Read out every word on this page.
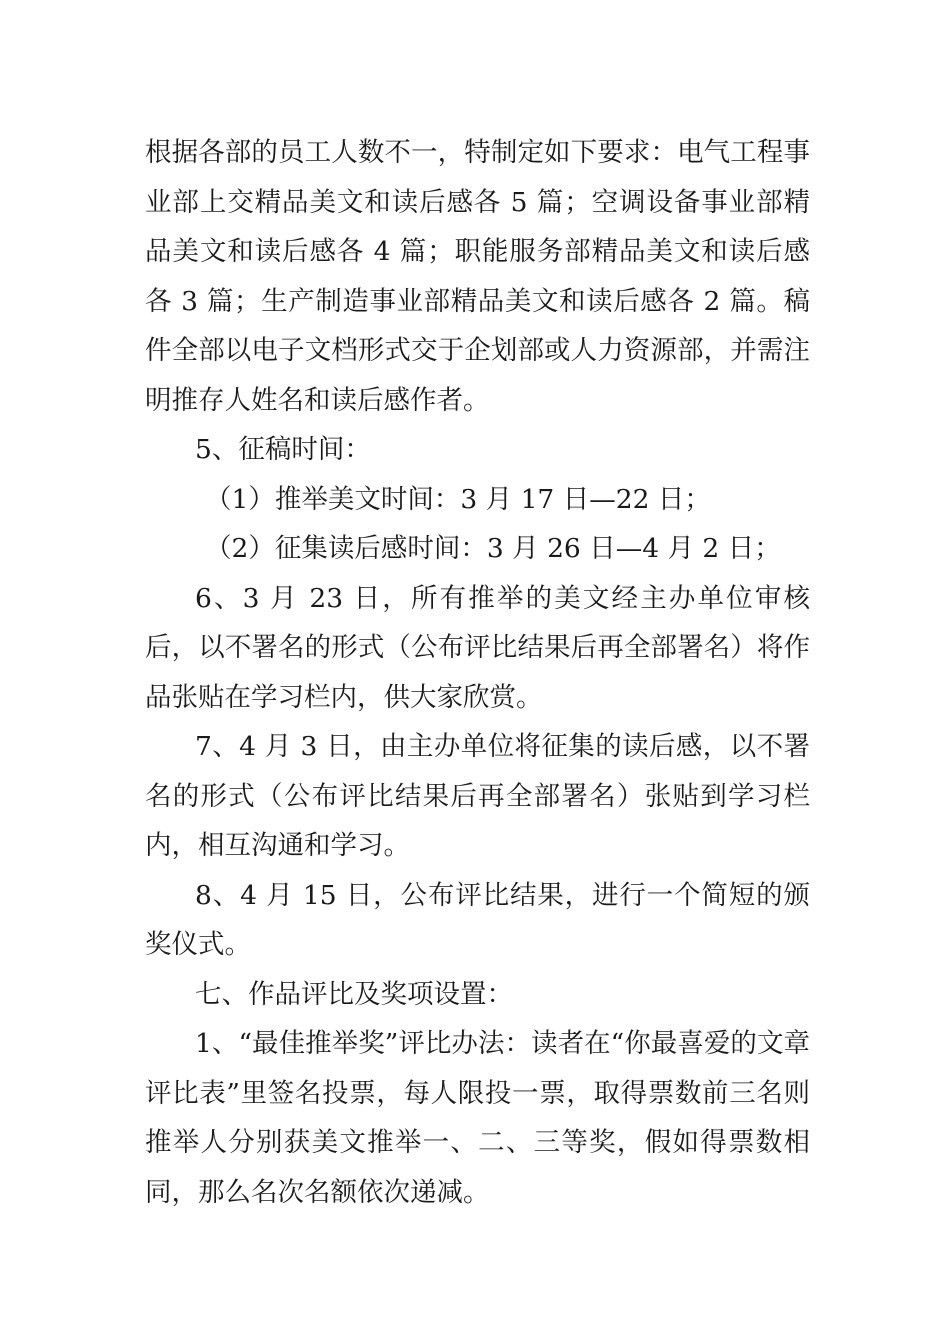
根据各部的员工人数不一，特制定如下要求：电气工程事业部上交精品美文和读后感各 5 篇；空调设备事业部精品美文和读后感各 4 篇；职能服务部精品美文和读后感各 3 篇；生产制造事业部精品美文和读后感各 2 篇。稿件全部以电子文档形式交于企划部或人力资源部，并需注明推存人姓名和读后感作者。

5、征稿时间：

（1）推举美文时间：3 月 17 日—22 日；

（2）征集读后感时间：3 月 26 日—4 月 2 日；

6、3 月 23 日，所有推举的美文经主办单位审核后，以不署名的形式（公布评比结果后再全部署名）将作品张贴在学习栏内，供大家欣赏。

7、4 月 3 日，由主办单位将征集的读后感，以不署名的形式（公布评比结果后再全部署名）张贴到学习栏内，相互沟通和学习。

8、4 月 15 日，公布评比结果，进行一个简短的颁奖仪式。

七、作品评比及奖项设置：

1、“最佳推举奖”评比办法：读者在“你最喜爱的文章评比表”里签名投票，每人限投一票，取得票数前三名则推举人分别获美文推举一、二、三等奖，假如得票数相同，那么名次名额依次递减。
